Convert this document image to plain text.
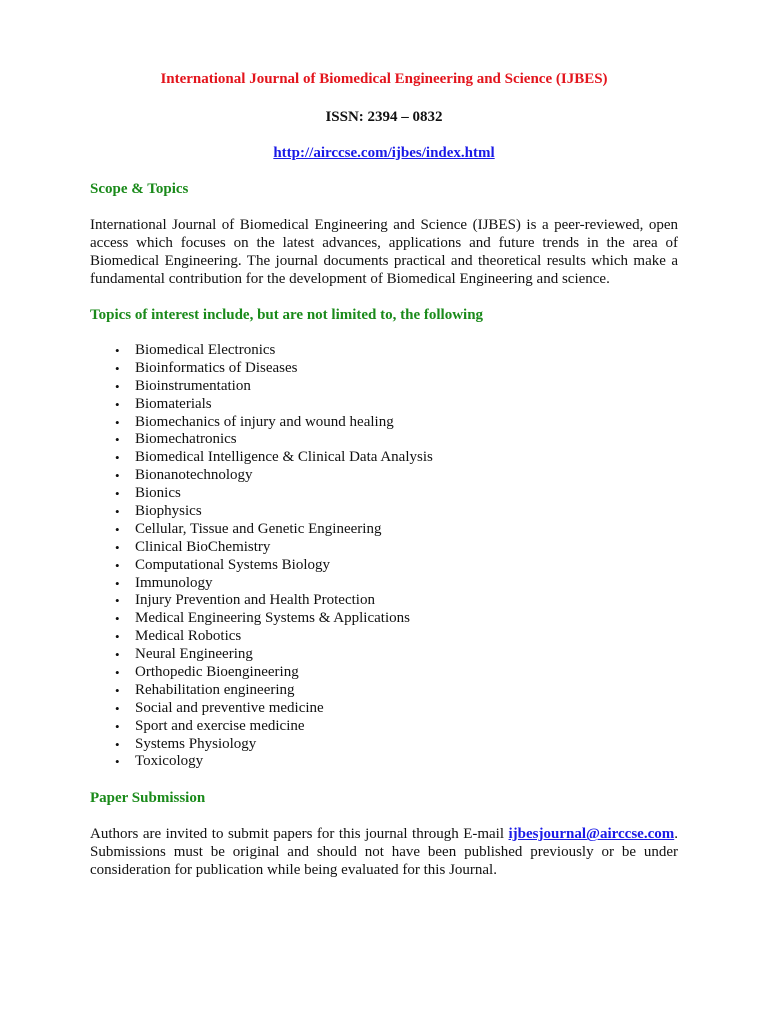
International Journal of Biomedical Engineering and Science (IJBES)
ISSN: 2394 – 0832
http://airccse.com/ijbes/index.html
Scope & Topics

International Journal of Biomedical Engineering and Science (IJBES) is a peer-reviewed, open access which focuses on the latest advances, applications and future trends in the area of Biomedical Engineering. The journal documents practical and theoretical results which make a fundamental contribution for the development of Biomedical Engineering and science.

Topics of interest include, but are not limited to, the following
• Biomedical Electronics
• Bioinformatics of Diseases
• Bioinstrumentation
• Biomaterials
• Biomechanics of injury and wound healing
• Biomechatronics
• Biomedical Intelligence & Clinical Data Analysis
• Bionanotechnology
• Bionics
• Biophysics
• Cellular, Tissue and Genetic Engineering
• Clinical BioChemistry
• Computational Systems Biology
• Immunology
• Injury Prevention and Health Protection
• Medical Engineering Systems & Applications
• Medical Robotics
• Neural Engineering
• Orthopedic Bioengineering
• Rehabilitation engineering
• Social and preventive medicine
• Sport and exercise medicine
• Systems Physiology
• Toxicology
Paper Submission

Authors are invited to submit papers for this journal through E-mail ijbesjournal@airccse.com. Submissions must be original and should not have been published previously or be under consideration for publication while being evaluated for this Journal.
